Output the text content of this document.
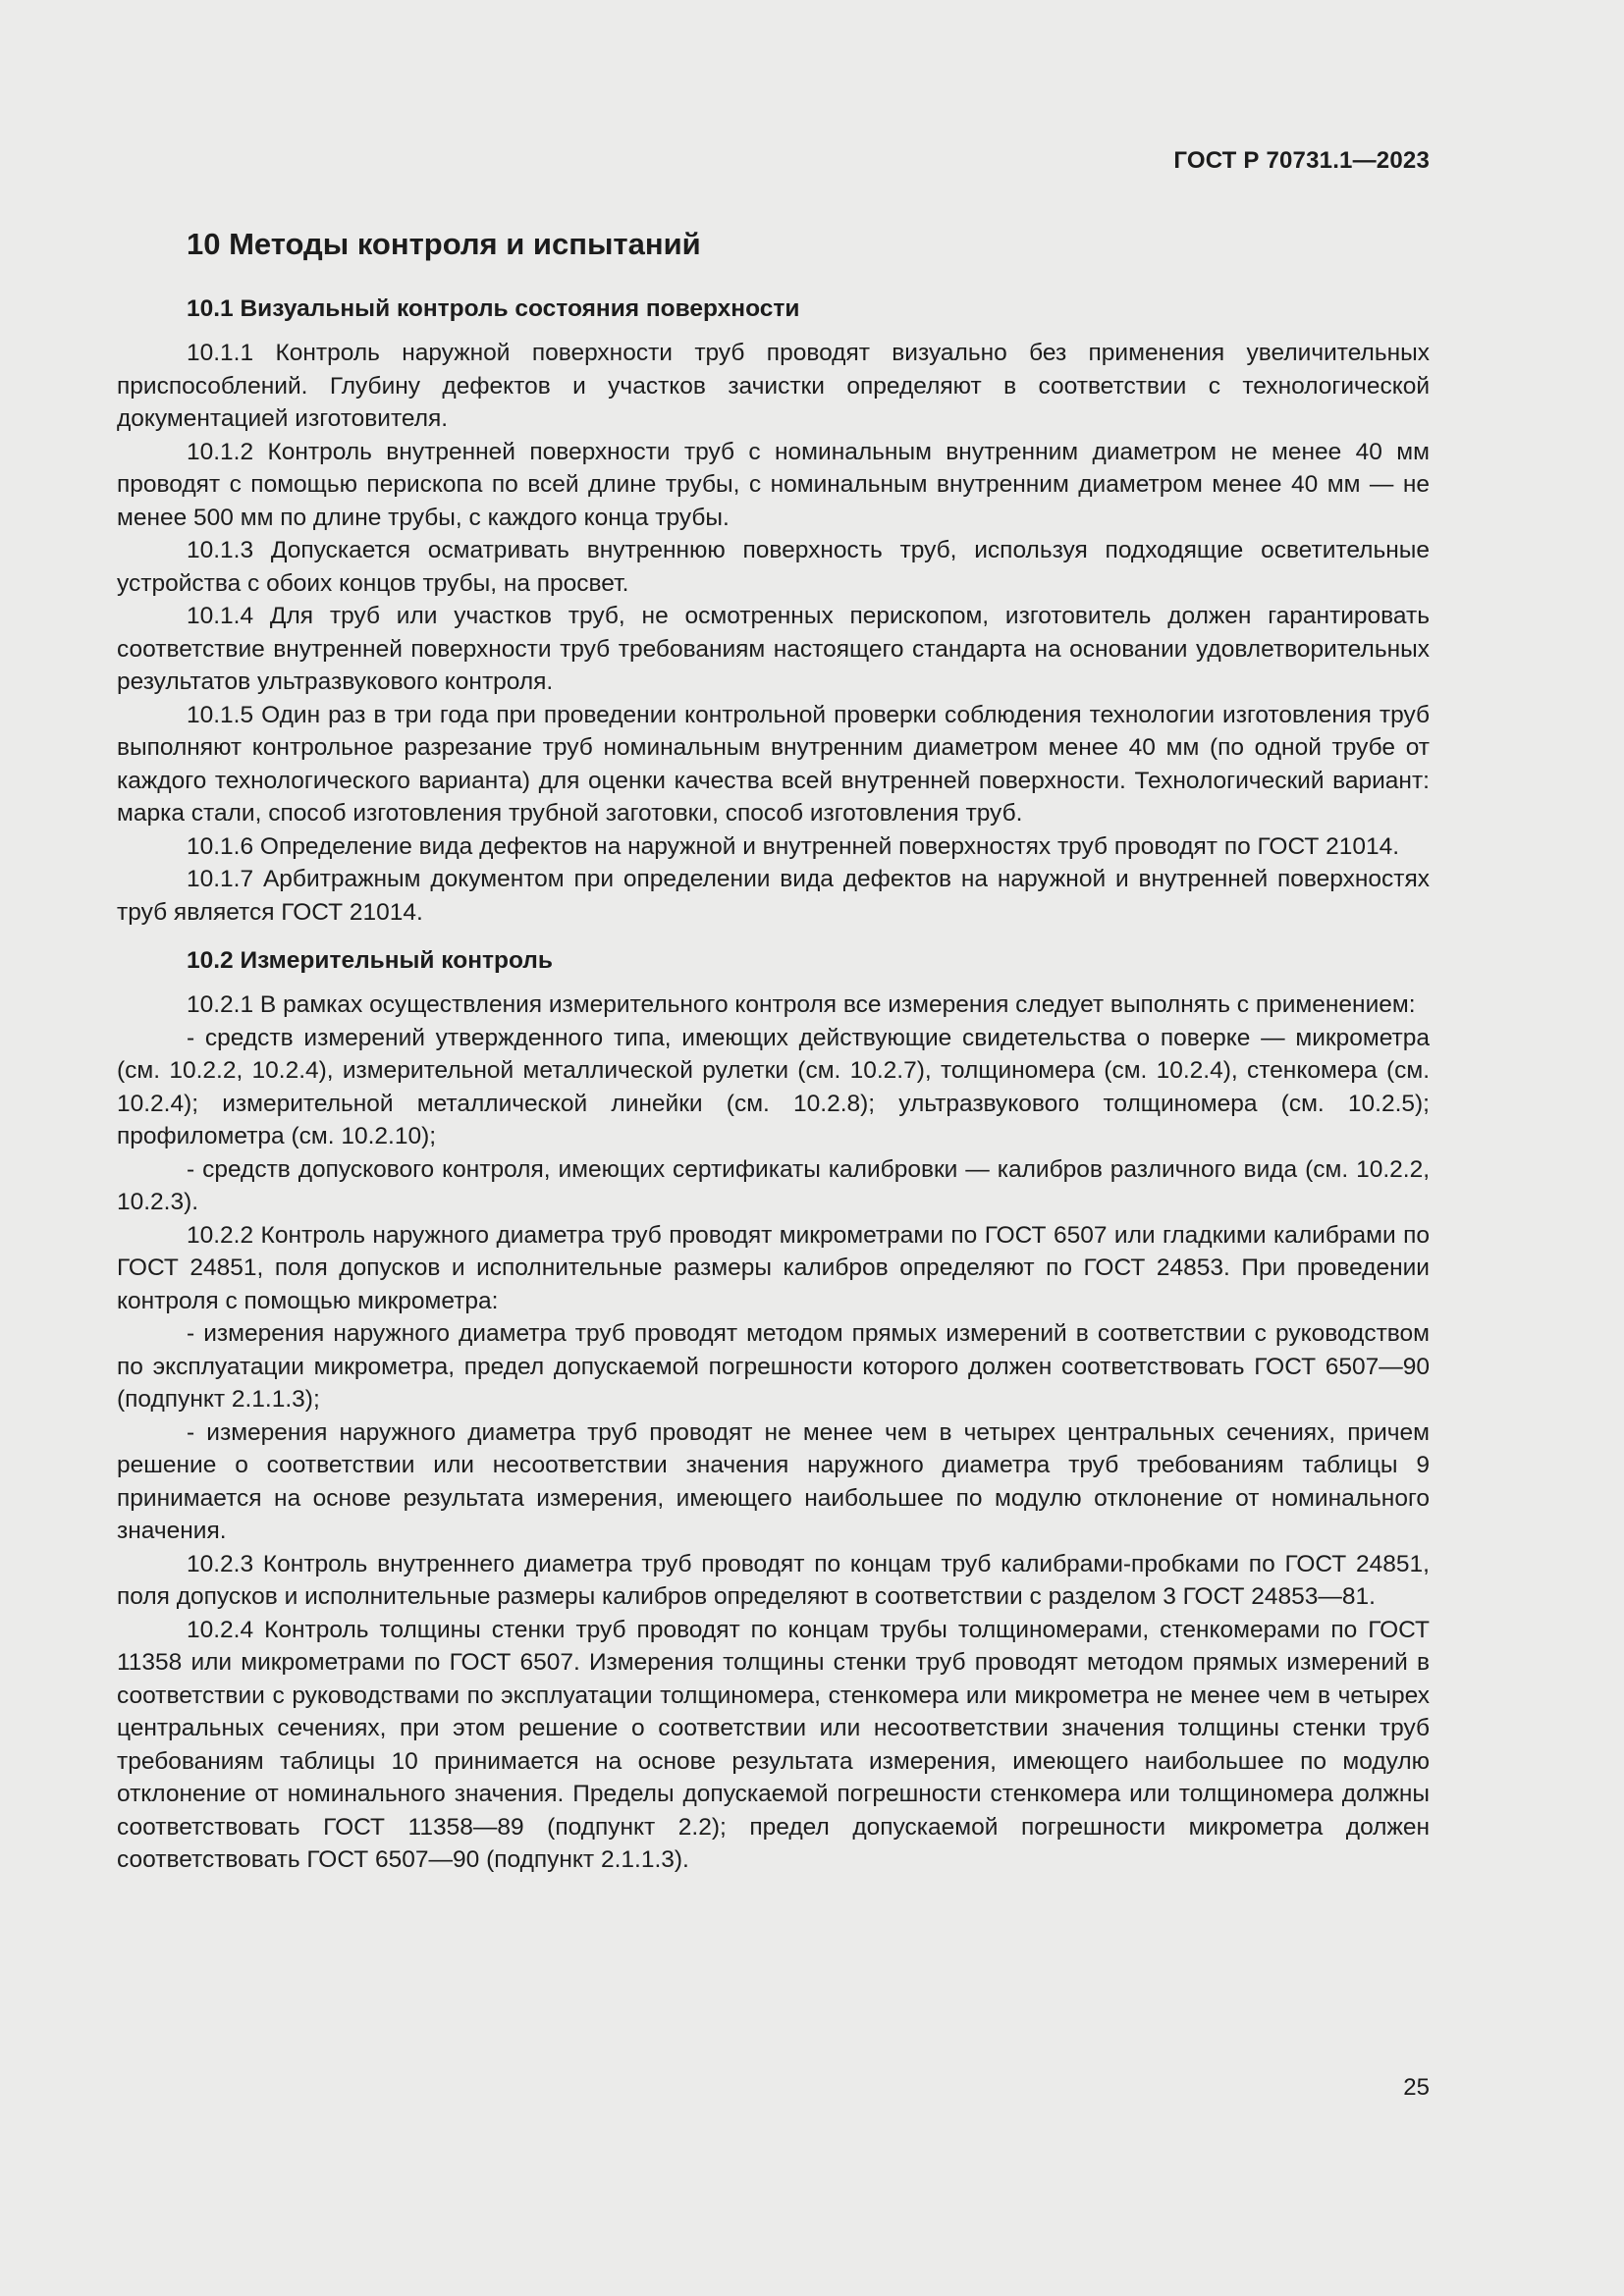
ГОСТ Р 70731.1—2023
10 Методы контроля и испытаний
10.1 Визуальный контроль состояния поверхности

10.1.1 Контроль наружной поверхности труб проводят визуально без применения увеличительных приспособлений. Глубину дефектов и участков зачистки определяют в соответствии с технологической документацией изготовителя.

10.1.2 Контроль внутренней поверхности труб с номинальным внутренним диаметром не менее 40 мм проводят с помощью перископа по всей длине трубы, с номинальным внутренним диаметром менее 40 мм — не менее 500 мм по длине трубы, с каждого конца трубы.

10.1.3 Допускается осматривать внутреннюю поверхность труб, используя подходящие осветительные устройства с обоих концов трубы, на просвет.

10.1.4 Для труб или участков труб, не осмотренных перископом, изготовитель должен гарантировать соответствие внутренней поверхности труб требованиям настоящего стандарта на основании удовлетворительных результатов ультразвукового контроля.

10.1.5 Один раз в три года при проведении контрольной проверки соблюдения технологии изготовления труб выполняют контрольное разрезание труб номинальным внутренним диаметром менее 40 мм (по одной трубе от каждого технологического варианта) для оценки качества всей внутренней поверхности. Технологический вариант: марка стали, способ изготовления трубной заготовки, способ изготовления труб.

10.1.6 Определение вида дефектов на наружной и внутренней поверхностях труб проводят по ГОСТ 21014.

10.1.7 Арбитражным документом при определении вида дефектов на наружной и внутренней поверхностях труб является ГОСТ 21014.

10.2 Измерительный контроль

10.2.1 В рамках осуществления измерительного контроля все измерения следует выполнять с применением:

- средств измерений утвержденного типа, имеющих действующие свидетельства о поверке — микрометра (см. 10.2.2, 10.2.4), измерительной металлической рулетки (см. 10.2.7), толщиномера (см. 10.2.4), стенкомера (см. 10.2.4); измерительной металлической линейки (см. 10.2.8); ультразвукового толщиномера (см. 10.2.5); профилометра (см. 10.2.10);

- средств допускового контроля, имеющих сертификаты калибровки — калибров различного вида (см. 10.2.2, 10.2.3).

10.2.2 Контроль наружного диаметра труб проводят микрометрами по ГОСТ 6507 или гладкими калибрами по ГОСТ 24851, поля допусков и исполнительные размеры калибров определяют по ГОСТ 24853. При проведении контроля с помощью микрометра:

- измерения наружного диаметра труб проводят методом прямых измерений в соответствии с руководством по эксплуатации микрометра, предел допускаемой погрешности которого должен соответствовать ГОСТ 6507—90 (подпункт 2.1.1.3);

- измерения наружного диаметра труб проводят не менее чем в четырех центральных сечениях, причем решение о соответствии или несоответствии значения наружного диаметра труб требованиям таблицы 9 принимается на основе результата измерения, имеющего наибольшее по модулю отклонение от номинального значения.

10.2.3 Контроль внутреннего диаметра труб проводят по концам труб калибрами-пробками по ГОСТ 24851, поля допусков и исполнительные размеры калибров определяют в соответствии с разделом 3 ГОСТ 24853—81.

10.2.4 Контроль толщины стенки труб проводят по концам трубы толщиномерами, стенкомерами по ГОСТ 11358 или микрометрами по ГОСТ 6507. Измерения толщины стенки труб проводят методом прямых измерений в соответствии с руководствами по эксплуатации толщиномера, стенкомера или микрометра не менее чем в четырех центральных сечениях, при этом решение о соответствии или несоответствии значения толщины стенки труб требованиям таблицы 10 принимается на основе результата измерения, имеющего наибольшее по модулю отклонение от номинального значения. Пределы допускаемой погрешности стенкомера или толщиномера должны соответствовать ГОСТ 11358—89 (подпункт 2.2); предел допускаемой погрешности микрометра должен соответствовать ГОСТ 6507—90 (подпункт 2.1.1.3).

25
